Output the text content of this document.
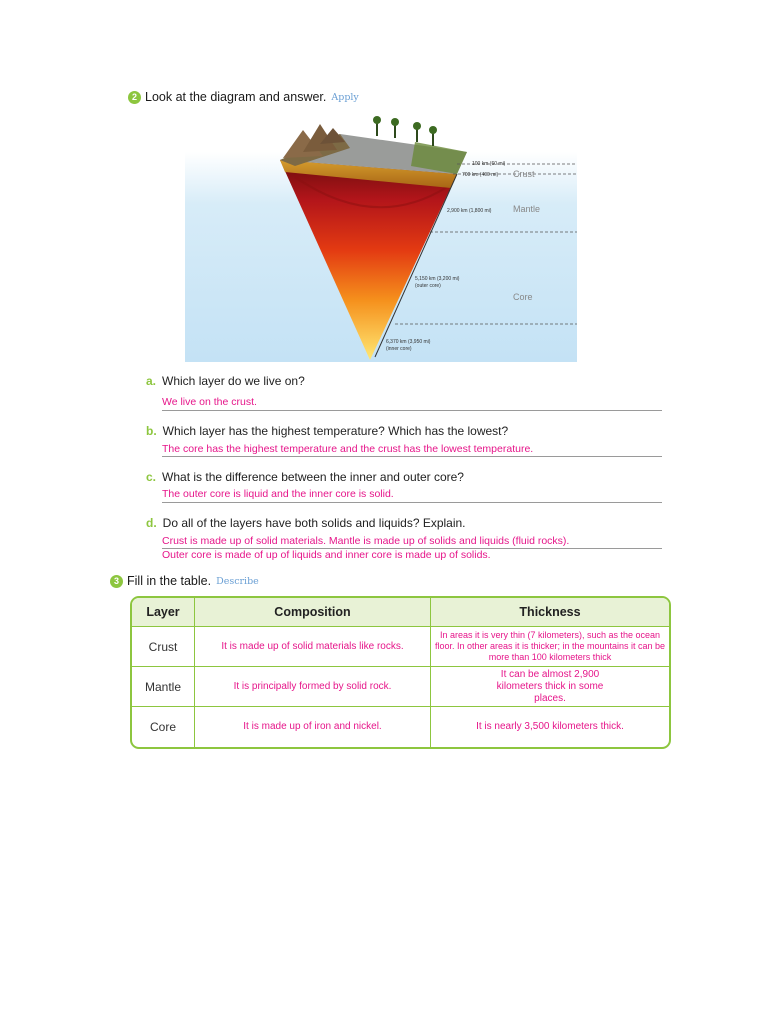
2 Look at the diagram and answer. Apply
100 km (60 mi)
700 km (400 mi)
2,900 km (1,800 mi)
5,150 km (3,200 mi)
(outer core)
6,370 km (3,950 mi)
(inner core)
Crust
Mantle
Core
a. Which layer do we live on?
We live on the crust.
b. Which layer has the highest temperature? Which has the lowest?
The core has the highest temperature and the crust has the lowest temperature.
c. What is the difference between the inner and outer core?
The outer core is liquid and the inner core is solid.
d. Do all of the layers have both solids and liquids? Explain.
Crust is made up of solid materials. Mantle is made up of solids and liquids (fluid rocks).
Outer core is made of up of liquids and inner core is made up of solids.
3 Fill in the table. Describe
Layer	Composition	Thickness
Crust	It is made up of solid materials like rocks.	In areas it is very thin (7 kilometers), such as the ocean floor. In other areas it is thicker; in the mountains it can be more than 100 kilometers thick
Mantle	It is principally formed by solid rock.	It can be almost 2,900 kilometers thick in some places.
Core	It is made up of iron and nickel.	It is nearly 3,500 kilometers thick.
